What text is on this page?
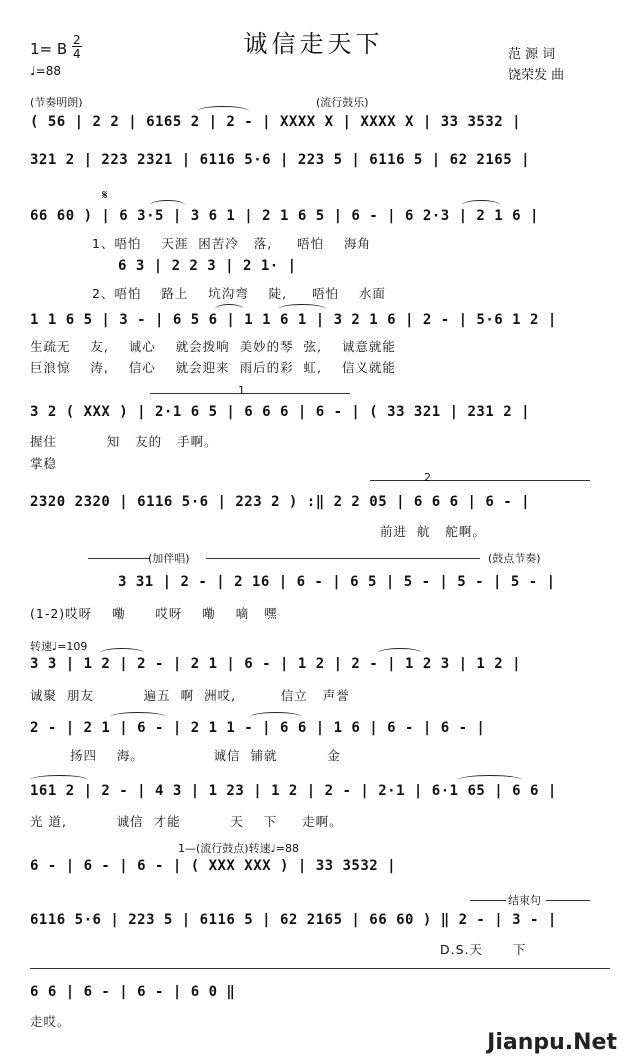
诚信走天下
1= B 2
4
♩=88
范 源 词
饶荣发 曲
(节奏明朗)	(流行鼓乐)
( 56 | 2 2 | 6165 2 | 2 - | XXXX X | XXXX X | 33 3532 |
321 2 | 223 2321 | 6116 5·6 | 223 5 | 6116 5 | 62 2165 |
𝄋
66 60 ) | 6 3·5 | 3 6 1 | 2 1 6 5 | 6 - | 6 2·3 | 2 1 6 |
1、唔怕    天涯  困苦冷   落,     唔怕    海角
6 3 | 2 2 3 | 2 1· |
2、唔怕    路上    坑沟弯    陡,     唔怕    水面
1 1 6 5 | 3 - | 6 5 6 | 1 1 6 1 | 3 2 1 6 | 2 - | 5·6 1 2 |
生疏无    友,    诚心    就会拨响  美妙的琴  弦,    诚意就能
巨浪惊    涛,    信心    就会迎来  雨后的彩  虹,    信义就能
1
3 2 ( XXX ) | 2·1 6 5 | 6 6 6 | 6 - | ( 33 321 | 231 2 |
握住          知   友的   手啊。
掌稳
2
2320 2320 | 6116 5·6 | 223 2 ) :‖ 2 2 05 | 6 6 6 | 6 - |
前进  航   舵啊。
(加伴唱)	(鼓点节奏)
3 31 | 2 - | 2 16 | 6 - | 6 5 | 5 - | 5 - | 5 - |
(1-2)哎呀    嘞      哎呀    嘞    嘀   嘿
转速♩=109
3 3 | 1 2 | 2 - | 2 1 | 6 - | 1 2 | 2 - | 1 2 3 | 1 2 |
诚聚  朋友          遍五  啊  洲哎,         信立   声誉
2 - | 2 1 | 6 - | 2 1 1 - | 6 6 | 1 6 | 6 - | 6 - |
扬四    海。              诚信  铺就          金
161 2 | 2 - | 4 3 | 1 23 | 1 2 | 2 - | 2·1 | 6·1 65 | 6 6 |
光 道,          诚信  才能          天    下     走啊。
1—(流行鼓点)转速♩=88
6 - | 6 - | 6 - | ( XXX XXX ) | 33 3532 |
结束句
6116 5·6 | 223 5 | 6116 5 | 62 2165 | 66 60 ) ‖ 2 - | 3 - |
D.S.天      下
6 6 | 6 - | 6 - | 6 0 ‖
走哎。
Jianpu.Net
